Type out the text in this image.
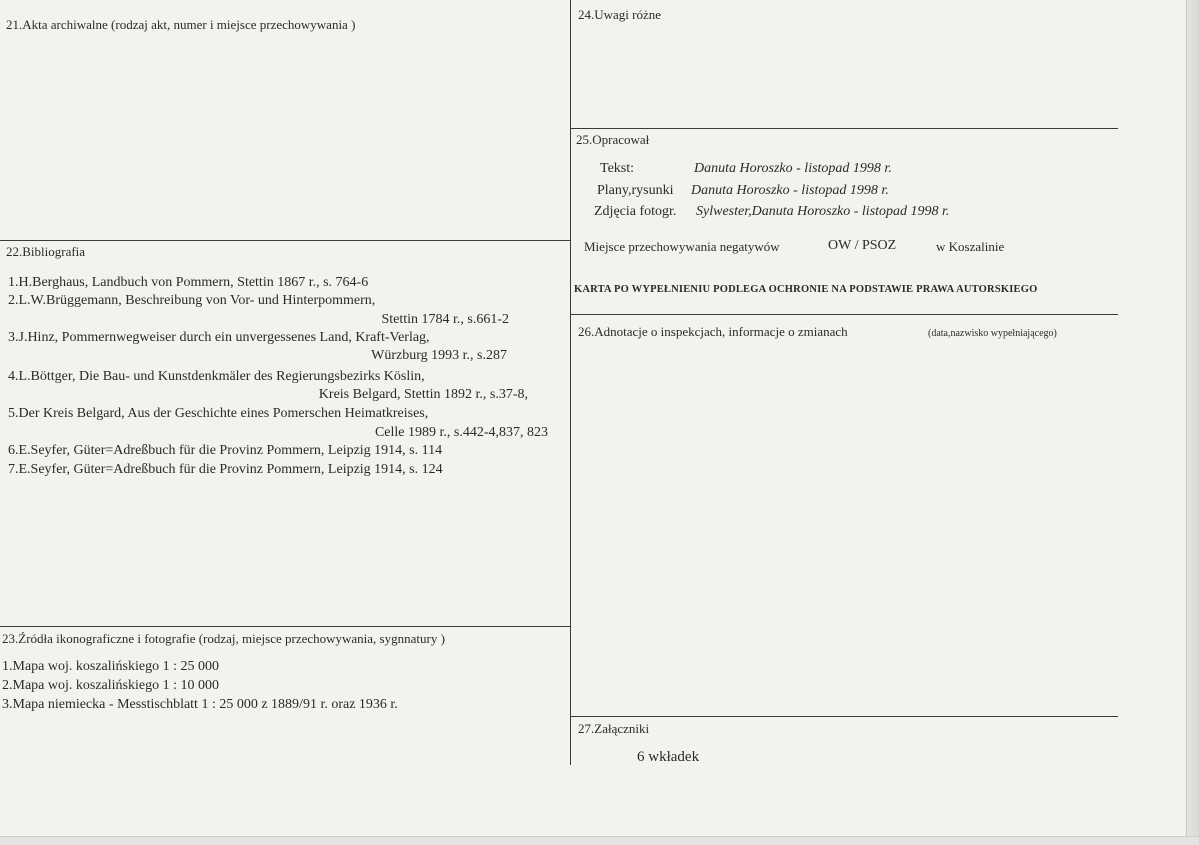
21.Akta archiwalne (rodzaj akt, numer i miejsce przechowywania )
22.Bibliografia
1.H.Berghaus, Landbuch von Pommern, Stettin 1867 r., s. 764-6
2.L.W.Brüggemann, Beschreibung von Vor- und Hinterpommern,
Stettin 1784 r., s.661-2
3.J.Hinz, Pommernwegweiser durch ein unvergessenes Land, Kraft-Verlag,
Würzburg 1993 r., s.287
4.L.Böttger, Die Bau- und Kunstdenkmäler des Regierungsbezirks Köslin,
Kreis Belgard, Stettin 1892 r., s.37-8,
5.Der Kreis Belgard, Aus der Geschichte eines Pomerschen Heimatkreises,
Celle 1989 r., s.442-4,837, 823
6.E.Seyfer, Güter=Adreßbuch für die Provinz Pommern, Leipzig 1914, s. 114
7.E.Seyfer, Güter=Adreßbuch für die Provinz Pommern, Leipzig 1914, s. 124
23.Źródła ikonograficzne i fotografie (rodzaj, miejsce przechowywania, sygnnatury )
1.Mapa woj. koszalińskiego 1 : 25 000
2.Mapa woj. koszalińskiego 1 : 10 000
3.Mapa niemiecka - Messtischblatt 1 : 25 000 z 1889/91 r. oraz 1936 r.
24.Uwagi różne
25.Opracował
Tekst:	Danuta Horoszko - listopad 1998 r.
Plany,rysunki Danuta Horoszko - listopad 1998 r.
Zdjęcia fotogr. Sylwester,Danuta Horoszko - listopad 1998 r.
Miejsce przechowywania negatywów	OW / PSOZ	w Koszalinie
KARTA PO WYPEŁNIENIU PODLEGA OCHRONIE NA PODSTAWIE PRAWA AUTORSKIEGO
26.Adnotacje o inspekcjach, informacje o zmianach	(data,nazwisko wypełniającego)
27.Załączniki
6 wkładek
